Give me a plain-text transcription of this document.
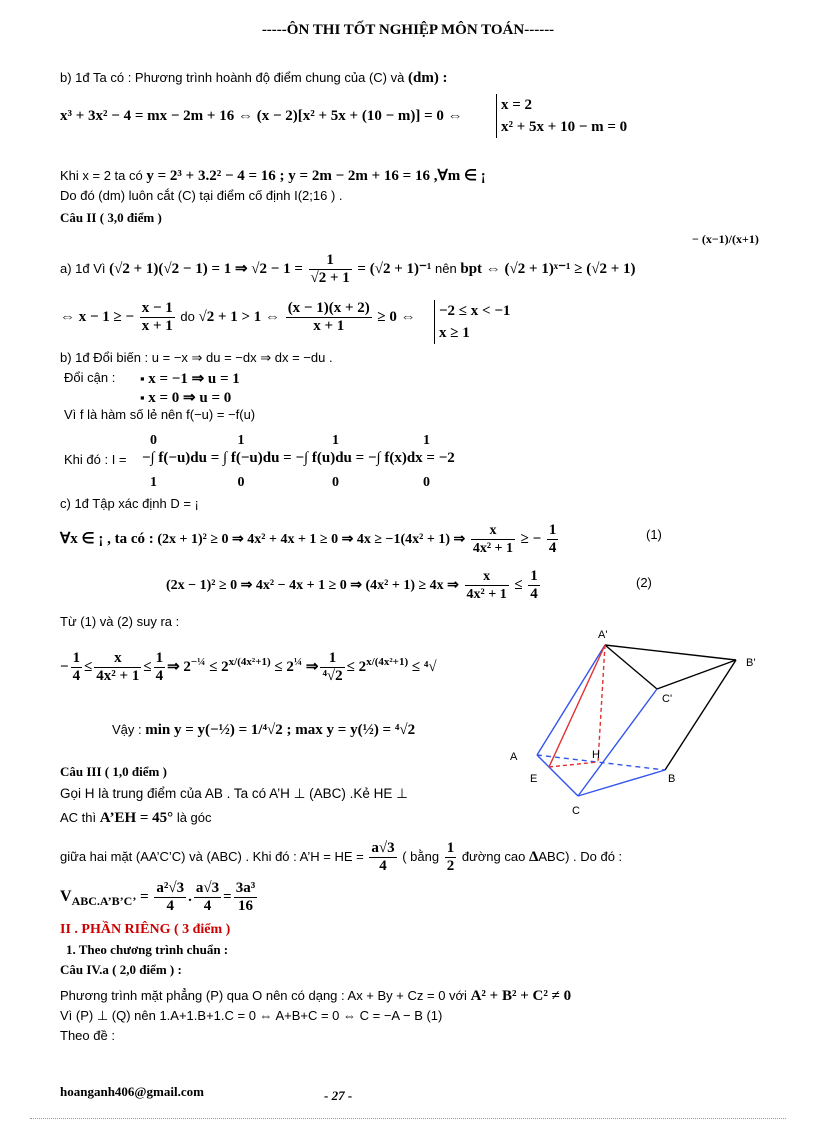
-----ÔN THI TỐT NGHIỆP MÔN TOÁN------
b) 1đ Ta có : Phương trình hoành độ điểm chung của (C) và (dm) :
x³ + 3x² − 4 = mx − 2m + 16 ⇔ (x − 2)[x² + 5x + (10 − m)] = 0 ⇔
x = 2
x² + 5x + 10 − m = 0
Khi x = 2 ta có y = 2³ + 3.2² − 4 = 16 ; y = 2m − 2m + 16 = 16 ,∀m ∈ ¡
Do đó (dm) luôn cắt (C) tại điểm cố định I(2;16 ) .
Câu II ( 3,0 điểm )
a) 1đ Vì (√2 + 1)(√2 − 1) = 1 ⇒ $√2 - 1 = \frac{1}{√2 + 1} = (√2 + 1)^{-1}$ nên bpt ⇔ (√2 + 1)ˣ⁻¹ ≥ (√2 + 1)
− (x−1)/(x+1)
⇔ x − 1 ≥ − $\frac{x - 1}{x + 1}$ do √2 + 1 > 1 ⇔ $\frac{(x - 1)(x + 2)}{x + 1} \ge 0$ ⇔ −2 ≤ x < −1
x ≥ 1
b) 1đ Đổi biến : u = −x ⇒ du = −dx ⇒ dx = −du .
Đổi cận : ▪ x = −1 ⇒ u = 1
▪ x = 0 ⇒ u = 0
Vì f là hàm số lẻ nên f(−u) = −f(u)
Khi đó : I =
0                       1                         1                        1
−∫ f(−u)du = ∫ f(−u)du = −∫ f(u)du = −∫ f(x)dx = −2
1                       0                         0                        0
c) 1đ Tập xác định D = ¡
∀x ∈ ¡ , ta có : (2x + 1)² ≥ 0 ⇒ 4x² + 4x + 1 ≥ 0 ⇒ 4x ≥ −1(4x² + 1) ⇒ $\frac{x}{\text{4x² + 1}}$ ≥ − $\frac{1}{4}$	(1)
(2x − 1)² ≥ 0 ⇒ 4x² − 4x + 1 ≥ 0 ⇒ (4x² + 1) ≥ 4x ⇒ $\frac{x}{\text{4x² + 1}} \le \frac{1}{4}$	(2)
Từ (1) và (2) suy ra :
− $\frac{1}{4} \le \frac{x}{\text{4x² + 1}} \le \frac{1}{4}$ ⇒ $2^{-\frac{1}{4}} \le 2^{x/(4x^2+1)} \le 2^{\frac{1}{4}}$ ⇒ $\frac{1}{\text{⁴√2}} \le 2^{x/(4x^2+1)} \le ^4√$
Vậy : min y = y(−½) = 1/⁴√2 ; max y = y(½) = ⁴√2
Câu III ( 1,0 điểm )
Gọi H là trung điểm của AB . Ta có A’H ⊥ (ABC) .Kẻ HE ⊥
AC thì A’EH = 45° là góc
giữa hai mặt (AA’C’C) và (ABC) . Khi đó : A’H = HE = $\frac{a√3}{4}$ ( bằng $\frac{1}{2}$ đường cao ΔABC) . Do đó :
$V_{ABC.A’B’C’} = \frac{\text{a²√3}}{4}$ . $\frac{a√3}{4} = \frac{\text{3a³}}{16}$
II . PHẦN RIÊNG ( 3 điểm )
1. Theo chương trình chuẩn :
Câu IV.a ( 2,0 điểm ) :
Phương trình mặt phẳng (P) qua O nên có dạng : Ax + By + Cz = 0 với A² + B² + C² ≠ 0
Vì (P) ⊥ (Q) nên 1.A+1.B+1.C = 0 ⇔ A+B+C = 0 ⇔ C = −A − B (1)
Theo đề :
hoanganh406@gmail.com	- 27 -
A'
B'
C'
A
B
C
H
E
